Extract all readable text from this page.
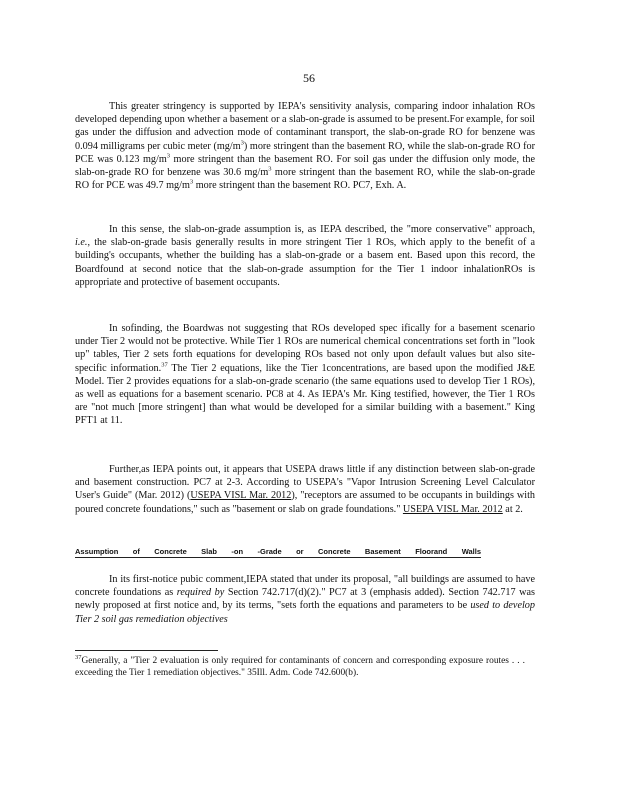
56

This greater stringency is supported by IEPA's sensitivity analysis, comparing indoor inhalation ROs developed depending upon whether a basement or a slab-on-grade is assumed to be present.For example, for soil gas under the diffusion and advection mode of contaminant transport, the slab-on-grade RO for benzene was 0.094 milligrams per cubic meter $(mg/m^3)$ more stringent than the basement RO, while the slab-on-grade RO for PCE was 0.123 $mg/m^3$ more stringent than the basement RO. For soil gas under the diffusion only mode, the slab-on-grade RO for benzene was 30.6 $mg/m^3$ more stringent than the basement RO, while the slab-on-grade RO for PCE was 49.7 $mg/m^3$ more stringent than the basement RO. PC7, Exh. A.

In this sense, the slab-on-grade assumption is, as IEPA described, the "more conservative" approach, i.e., the slab-on-grade basis generally results in more stringent Tier 1 ROs, which apply to the benefit of a building's occupants, whether the building has a slab-on-grade or a basem ent. Based upon this record, the Boardfound at second notice that the slab-on-grade assumption for the Tier 1 indoor inhalationROs is appropriate and protective of basement occupants.

In sofinding, the Boardwas not suggesting that ROs developed spec ifically for a basement scenario under Tier 2 would not be protective. While Tier 1 ROs are numerical chemical concentrations set forth in "look up" tables, Tier 2 sets forth equations for developing ROs based not only upon default values but also site-specific information.$^{37}$ The Tier 2 equations, like the Tier 1concentrations, are based upon the modified J&E Model. Tier 2 provides equations for a slab-on-grade scenario (the same equations used to develop Tier 1 ROs), as well as equations for a basement scenario. PC8 at 4. As IEPA's Mr. King testified, however, the Tier 1 ROs are "not much [more stringent] than what would be developed for a similar building with a basement." King PFT1 at 11.

Further,as IEPA points out, it appears that USEPA draws little if any distinction between slab-on-grade and basement construction. PC7 at 2-3. According to USEPA's "Vapor Intrusion Screening Level Calculator User's Guide" (Mar. 2012) (USEPA VISL Mar. 2012), "receptors are assumed to be occupants in buildings with poured concrete foundations," such as "basement or slab on grade foundations." USEPA VISL Mar. 2012 at 2.

Assumption of Concrete Slab -on -Grade or Concrete Basement Floorand Walls

In its first-notice pubic comment,IEPA stated that under its proposal, "all buildings are assumed to have concrete foundations as required by Section 742.717(d)(2)." PC7 at 3 (emphasis added). Section 742.717 was newly proposed at first notice and, by its terms, "sets forth the equations and parameters to be used to develop Tier 2 soil gas remediation objectives

$^{37}$Generally, a "Tier 2 evaluation is only required for contaminants of concern and corresponding exposure routes . . . exceeding the Tier 1 remediation objectives." 35Ill. Adm. Code 742.600(b).
